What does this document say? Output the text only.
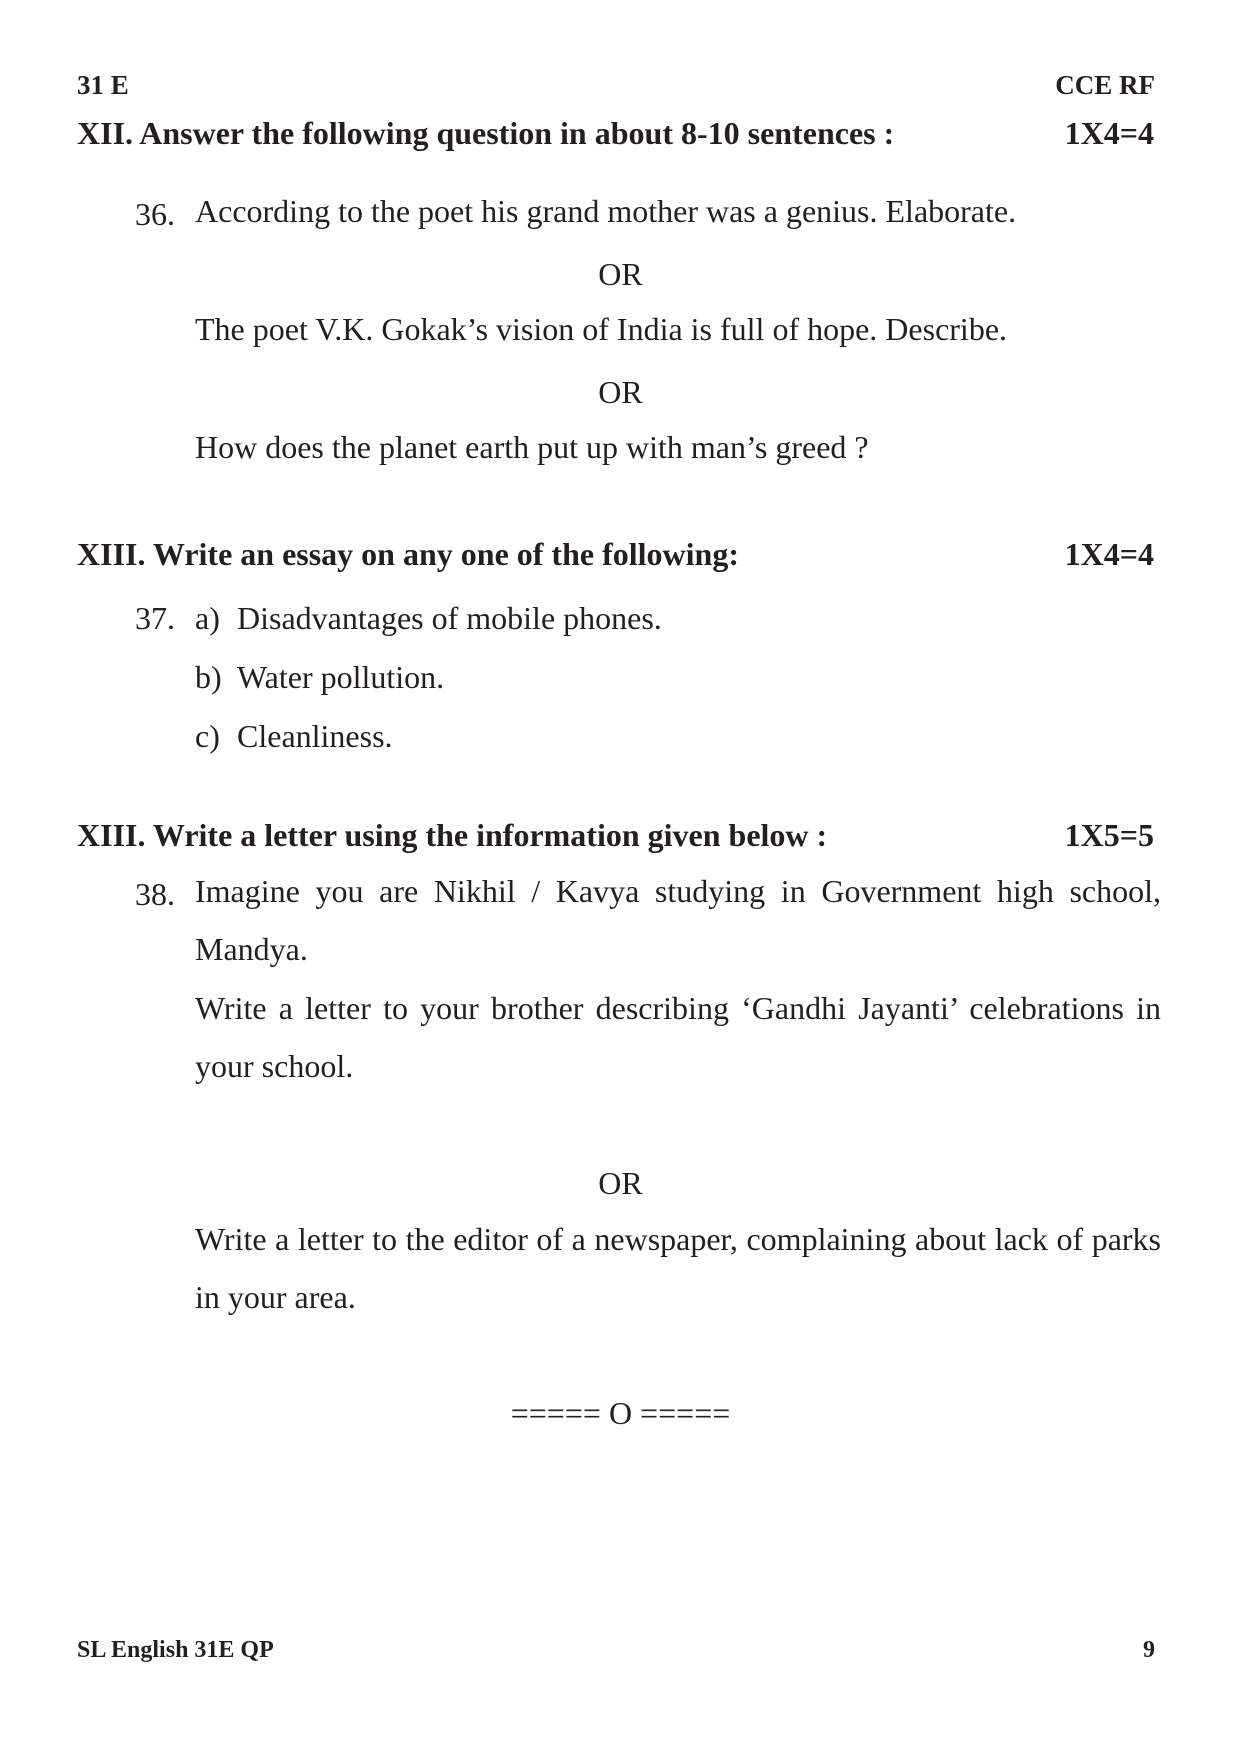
31 E	CCE RF
XII. Answer the following question in about 8-10 sentences :	1X4=4
36. According to the poet his grand mother was a genius. Elaborate.
OR
The poet V.K. Gokak’s vision of India is full of hope. Describe.
OR
How does the planet earth put up with man’s greed ?
XIII. Write an essay on any one of the following:	1X4=4
37. a) Disadvantages of mobile phones.
b) Water pollution.
c) Cleanliness.
XIII. Write a letter using the information given below :	1X5=5
38. Imagine you are Nikhil / Kavya studying in Government high school, Mandya.
Write a letter to your brother describing ‘Gandhi Jayanti’ celebrations in your school.
OR
Write a letter to the editor of a newspaper, complaining about lack of parks in your area.
===== O =====
SL English 31E QP	9
